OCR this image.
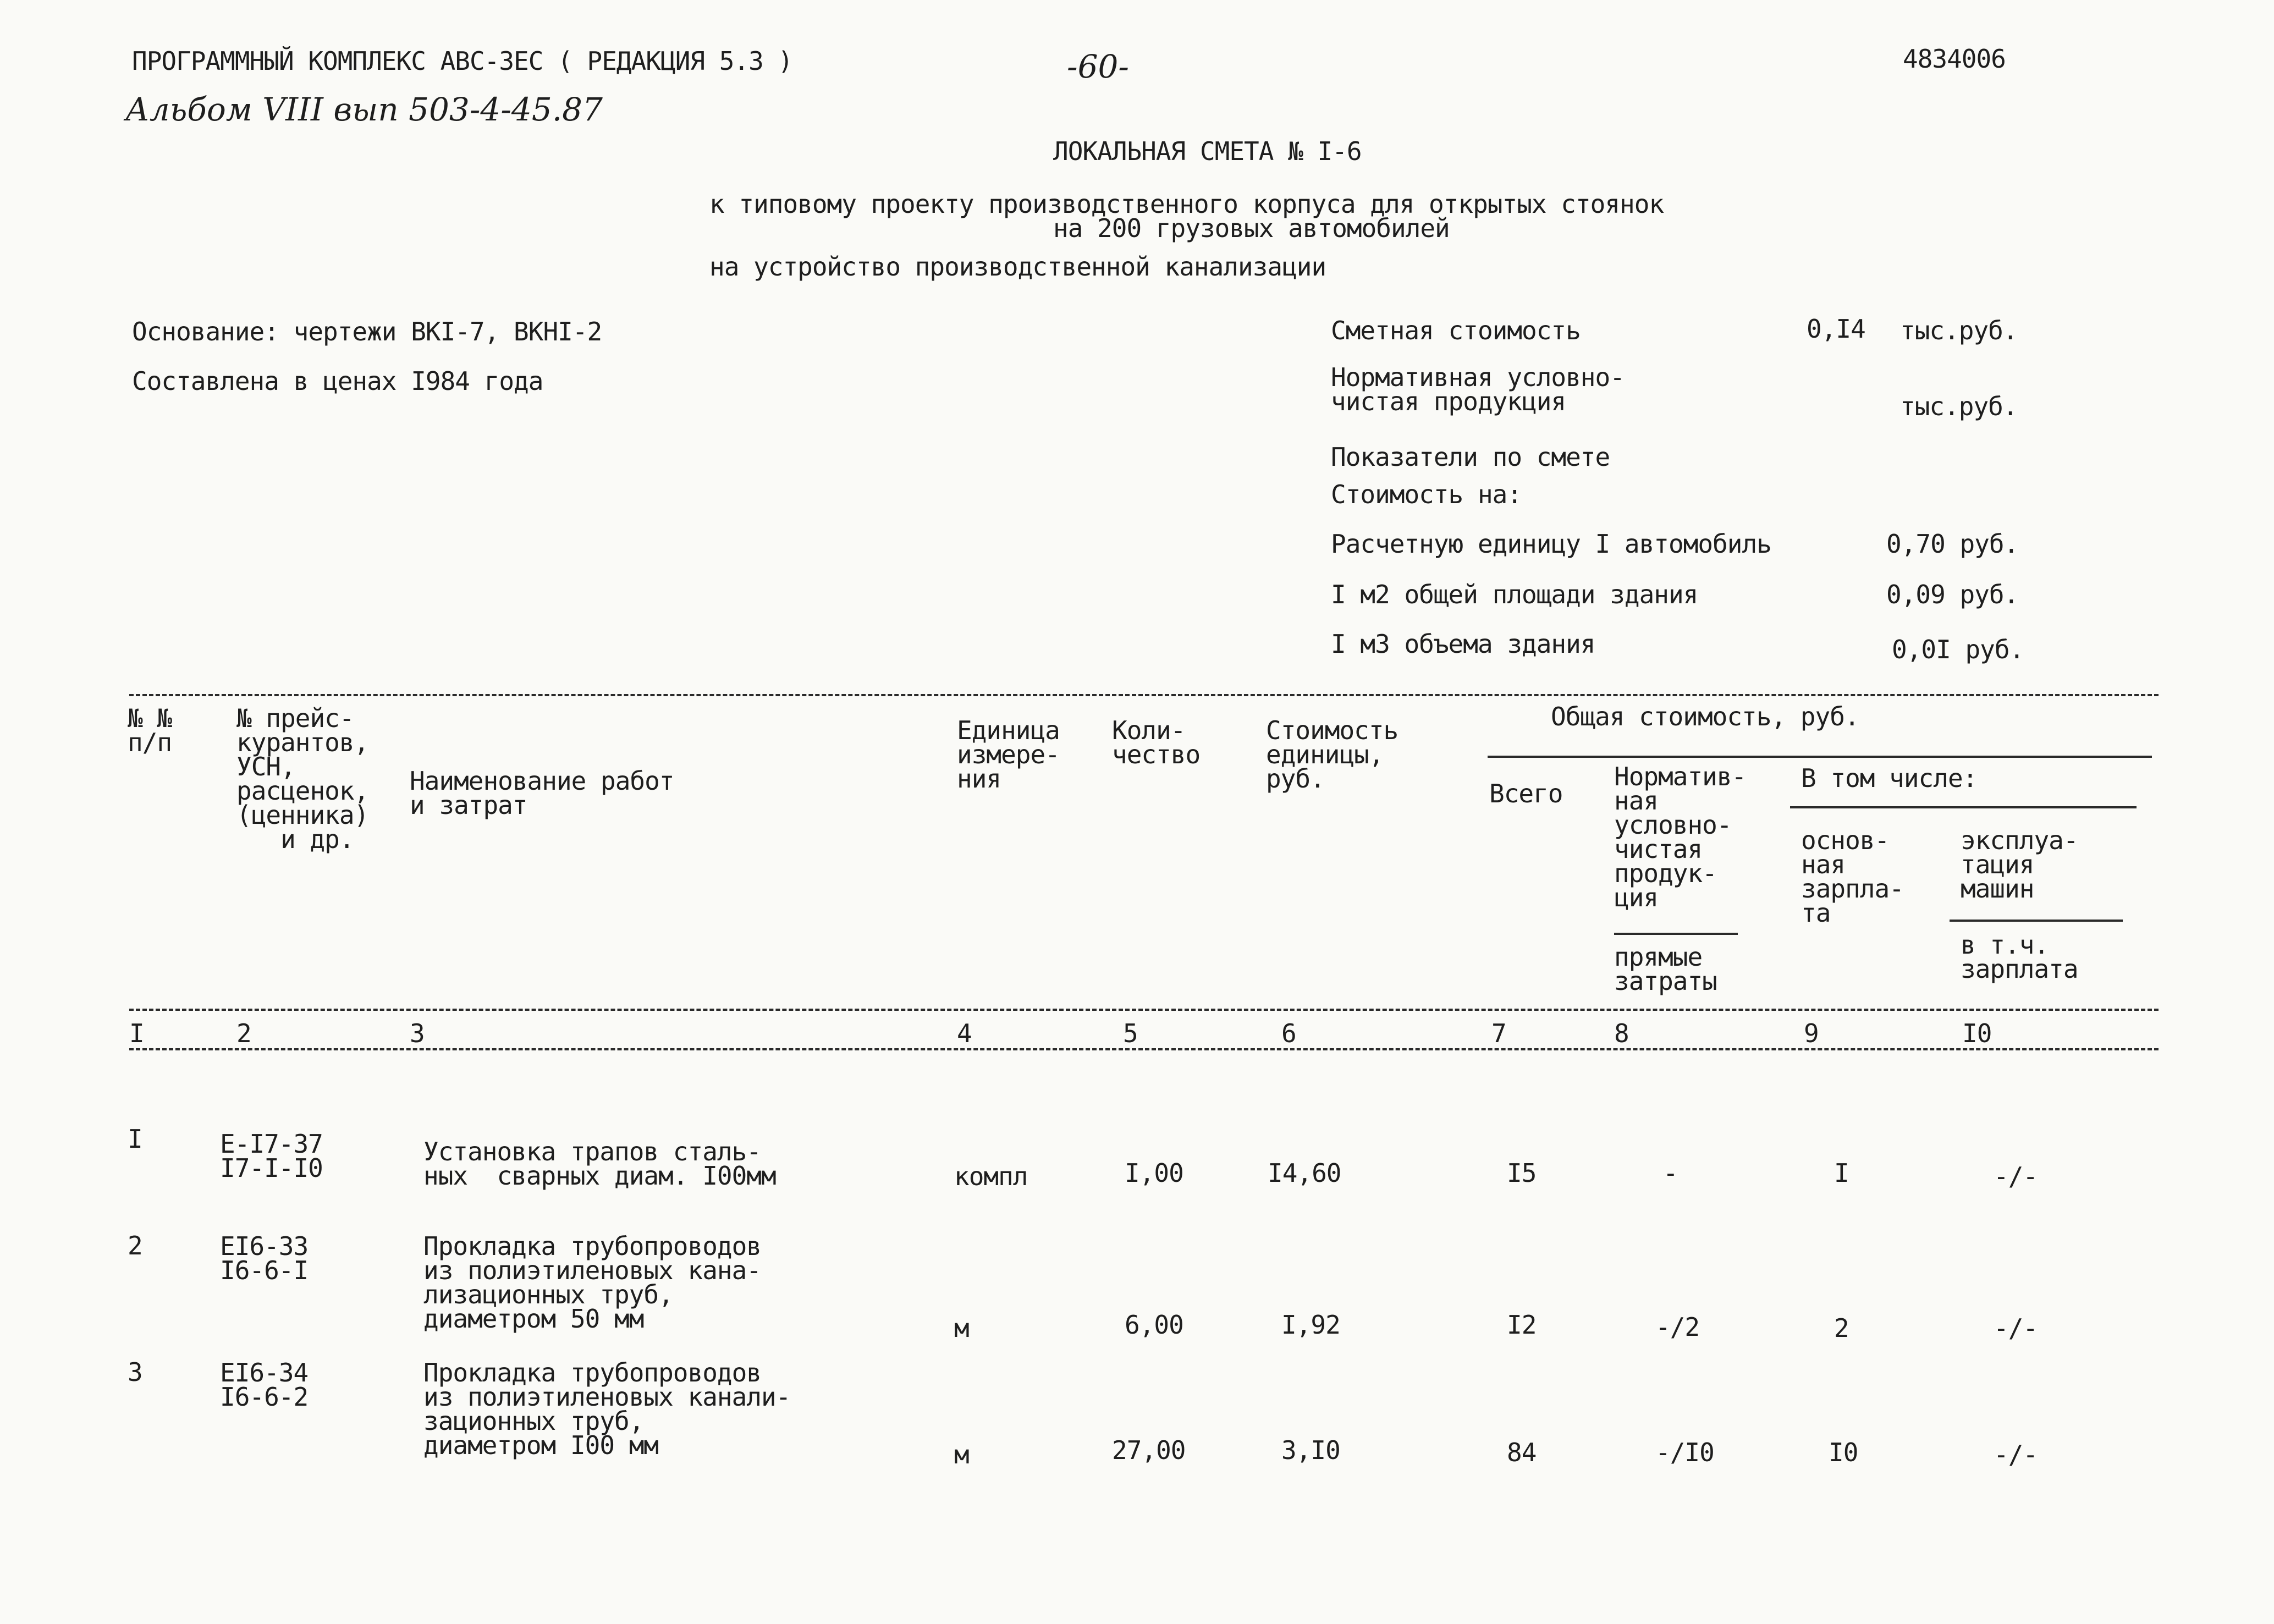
ПРОГРАММНЫЙ КОМПЛЕКС АВС-ЗЕС ( РЕДАКЦИЯ 5.3 )	-60-	4834006
Альбом VIII вып 503-4-45.87
ЛОКАЛЬНАЯ СМЕТА № I-6
к типовому проекту производственного корпуса для открытых стоянок
на 200 грузовых автомобилей
на устройство производственной канализации
Основание: чертежи ВКI-7, ВКНI-2
Составлена в ценах I984 года
Сметная стоимость	0,I4 тыс.руб.
Нормативная условно-
чистая продукция	тыс.руб.
Показатели по смете
Стоимость на:
Расчетную единицу I автомобиль	0,70 руб.
I м2 общей площади здания	0,09 руб.
I м3 объема здания	0,0I руб.
№ №
п/п
№ прейс-
курантов,
УСН,
расценок,
(ценника)
и др.
Наименование работ
и затрат
Единица
измере-
ния
Коли-
чество
Стоимость
единицы,
руб.
Общая стоимость, руб.
Всего
Норматив-
ная
условно-
чистая
продук-
ция
прямые
затраты
В том числе:
основ-
ная
зарпла-
та
эксплуа-
тация
машин
в т.ч.
зарплата
I	2	3	4	5	6	7	8	9	I0
I	Е-I7-37
I7-I-I0
Установка трапов сталь-
ных  сварных диам. I00мм	компл	I,00	I4,60	I5	-	I	-/-
2	ЕI6-33
I6-6-I
Прокладка трубопроводов
из полиэтиленовых кана-
лизационных труб,
диаметром 50 мм	м	6,00	I,92	I2	-/2	2	-/-
3	ЕI6-34
I6-6-2
Прокладка трубопроводов
из полиэтиленовых канали-
зационных труб,
диаметром I00 мм	м	27,00	3,I0	84	-/I0	I0	-/-
